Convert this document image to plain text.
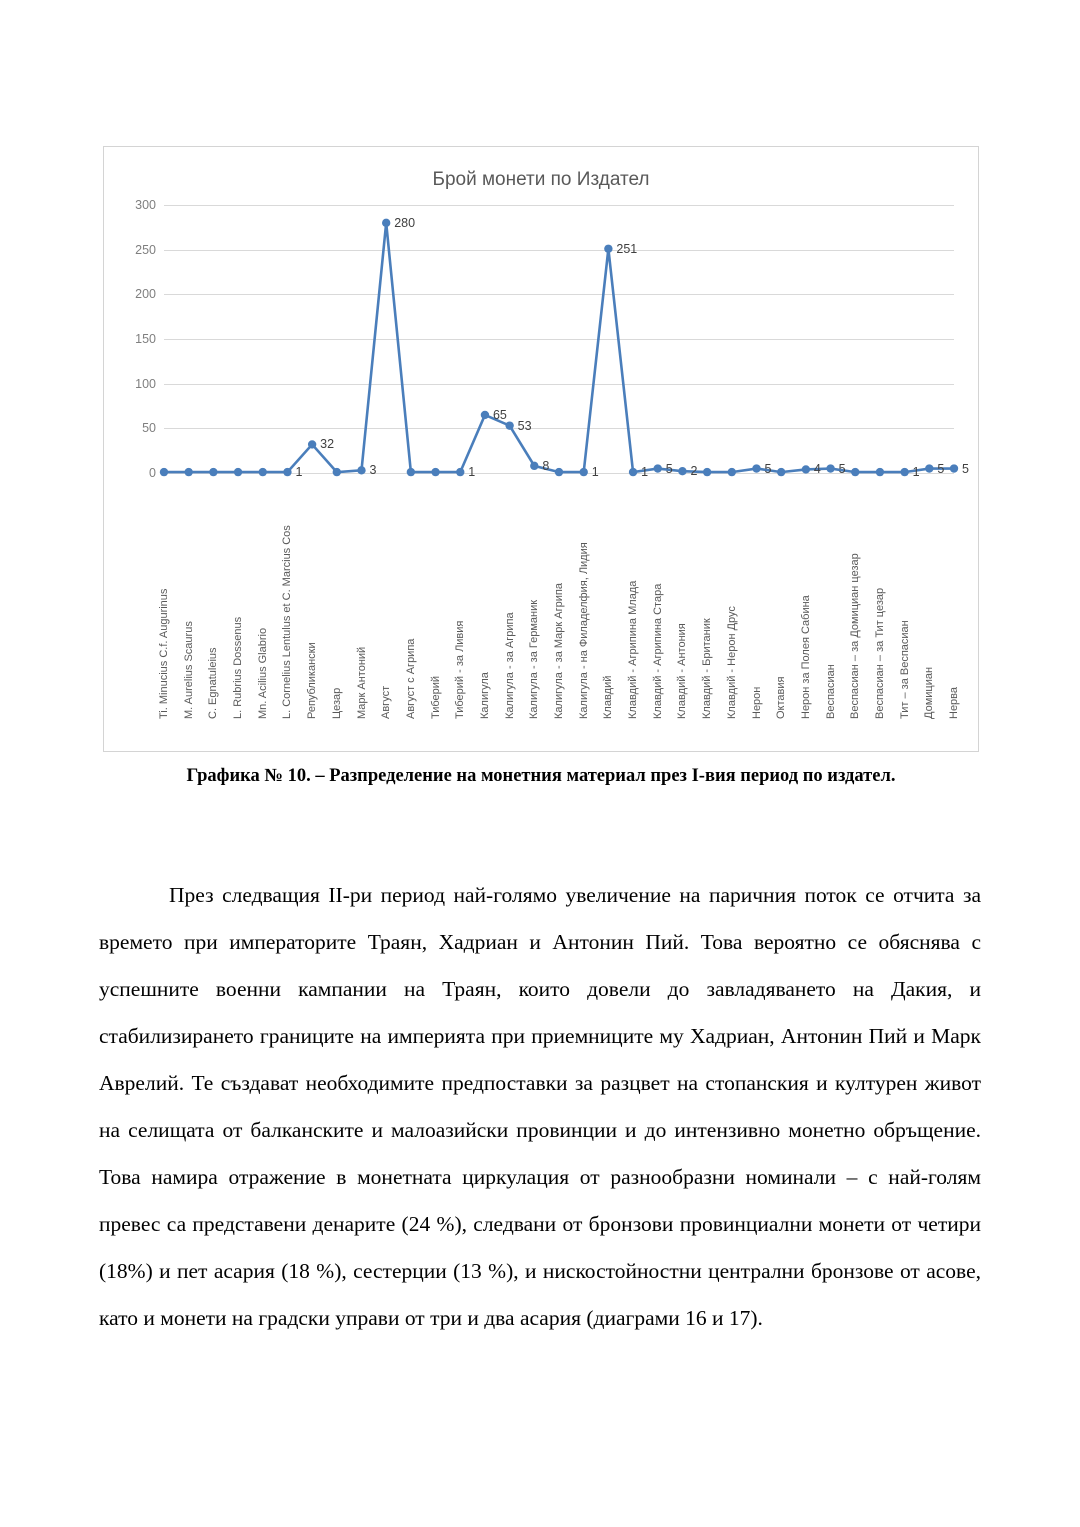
Брой монети по Издател
0
50
100
150
200
250
300
1
32
3
280
1
65
53
8	1
251
1 5 2	5	4 5	1 5 5
Ti. Minucius C.f. Augurinus M. Aurelius Scaurus C. Egnatuleius L. Rubrius Dossenus Mn. Acilius Glabrio L. Cornelius Lentulus et C. Marcius Cos Републикански Цезар Марк Антоний Август Август с Агрипа Тиберий Тиберий - за Ливия Калигула Калигула - за Агрипа Калигула - за Германик Калигула - за Марк Агрипа Калигула - на Филаделфия, Лидия Клавдий Клавдий - Агрипина Млада Клавдий - Агрипина Стара Клавдий - Антония Клавдий - Британик Клавдий - Нерон Друс Нерон Октавия Нерон за Полея Сабина Веспасиан Веспасиан – за Домициан цезар Веспасиан – за Тит цезар Тит – за Веспасиан Домициан Нерва
Графика № 10. – Разпределение на монетния материал през I-вия период по издател.
През следващия II-ри период най-голямо увеличение на паричния поток се отчита за времето при императорите Траян, Хадриан и Антонин Пий. Това вероятно се обяснява с успешните военни кампании на Траян, които довели до завладяването на Дакия, и стабилизирането границите на империята при приемниците му Хадриан, Антонин Пий и Марк Аврелий. Те създават необходимите предпоставки за разцвет на стопанския и културен живот на селищата от балканските и малоазийски провинции и до интензивно монетно обръщение. Това намира отражение в монетната циркулация от разнообразни номинали – с най-голям превес са представени денарите (24 %), следвани от бронзови провинциални монети от четири (18%) и пет асария (18 %), сестерции (13 %), и нискостойностни централни бронзове от асове, като и монети на градски управи от три и два асария (диаграми 16 и 17).
